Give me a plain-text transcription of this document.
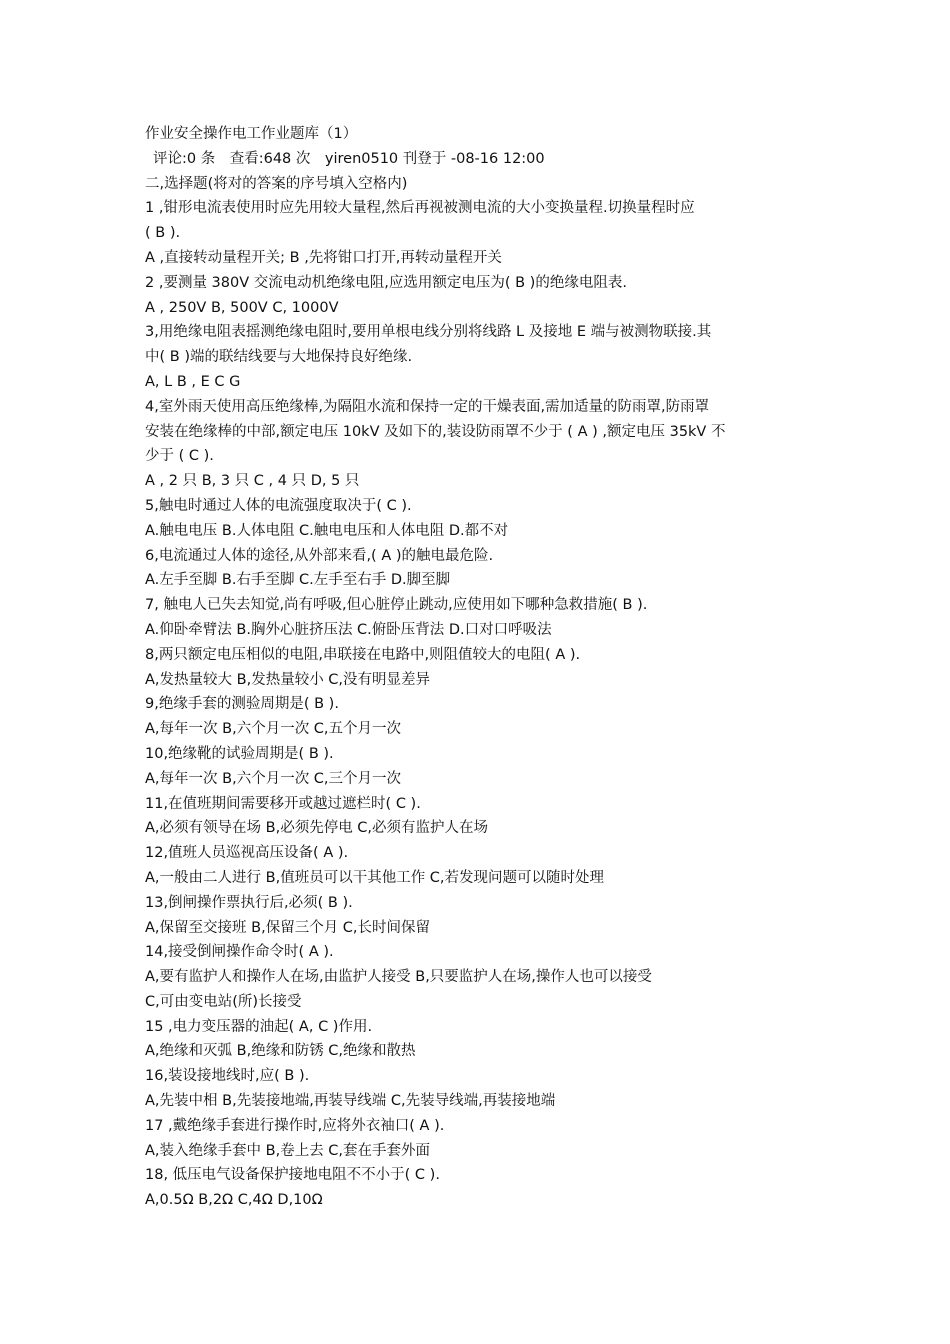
作业安全操作电工作业题库（1）
评论:0 条　查看:648 次　yiren0510 刊登于 -08-16 12:00
二,选择题(将对的答案的序号填入空格内)
1 ,钳形电流表使用时应先用较大量程,然后再视被测电流的大小变换量程.切换量程时应
( B ).
A ,直接转动量程开关; B ,先将钳口打开,再转动量程开关
2 ,要测量 380V 交流电动机绝缘电阻,应选用额定电压为( B )的绝缘电阻表.
A , 250V B, 500V C, 1000V
3,用绝缘电阻表摇测绝缘电阻时,要用单根电线分别将线路 L 及接地 E 端与被测物联接.其
中( B )端的联结线要与大地保持良好绝缘.
A, L B , E C G
4,室外雨天使用高压绝缘棒,为隔阻水流和保持一定的干燥表面,需加适量的防雨罩,防雨罩
安装在绝缘棒的中部,额定电压 10kV 及如下的,装设防雨罩不少于 ( A ) ,额定电压 35kV 不
少于 ( C ).
A , 2 只 B, 3 只 C , 4 只 D, 5 只
5,触电时通过人体的电流强度取决于( C ).
A.触电电压 B.人体电阻 C.触电电压和人体电阻 D.都不对
6,电流通过人体的途径,从外部来看,( A )的触电最危险.
A.左手至脚 B.右手至脚 C.左手至右手 D.脚至脚
7, 触电人已失去知觉,尚有呼吸,但心脏停止跳动,应使用如下哪种急救措施( B ).
A.仰卧牵臂法 B.胸外心脏挤压法 C.俯卧压背法 D.口对口呼吸法
8,两只额定电压相似的电阻,串联接在电路中,则阻值较大的电阻( A ).
A,发热量较大 B,发热量较小 C,没有明显差异
9,绝缘手套的测验周期是( B ).
A,每年一次 B,六个月一次 C,五个月一次
10,绝缘靴的试验周期是( B ).
A,每年一次 B,六个月一次 C,三个月一次
11,在值班期间需要移开或越过遮栏时( C ).
A,必须有领导在场 B,必须先停电 C,必须有监护人在场
12,值班人员巡视高压设备( A ).
A,一般由二人进行 B,值班员可以干其他工作 C,若发现问题可以随时处理
13,倒闸操作票执行后,必须( B ).
A,保留至交接班 B,保留三个月 C,长时间保留
14,接受倒闸操作命令时( A ).
A,要有监护人和操作人在场,由监护人接受 B,只要监护人在场,操作人也可以接受
C,可由变电站(所)长接受
15 ,电力变压器的油起( A, C )作用.
A,绝缘和灭弧 B,绝缘和防锈 C,绝缘和散热
16,装设接地线时,应( B ).
A,先装中相 B,先装接地端,再装导线端 C,先装导线端,再装接地端
17 ,戴绝缘手套进行操作时,应将外衣袖口( A ).
A,装入绝缘手套中 B,卷上去 C,套在手套外面
18, 低压电气设备保护接地电阻不不小于( C ).
A,0.5Ω B,2Ω C,4Ω D,10Ω
